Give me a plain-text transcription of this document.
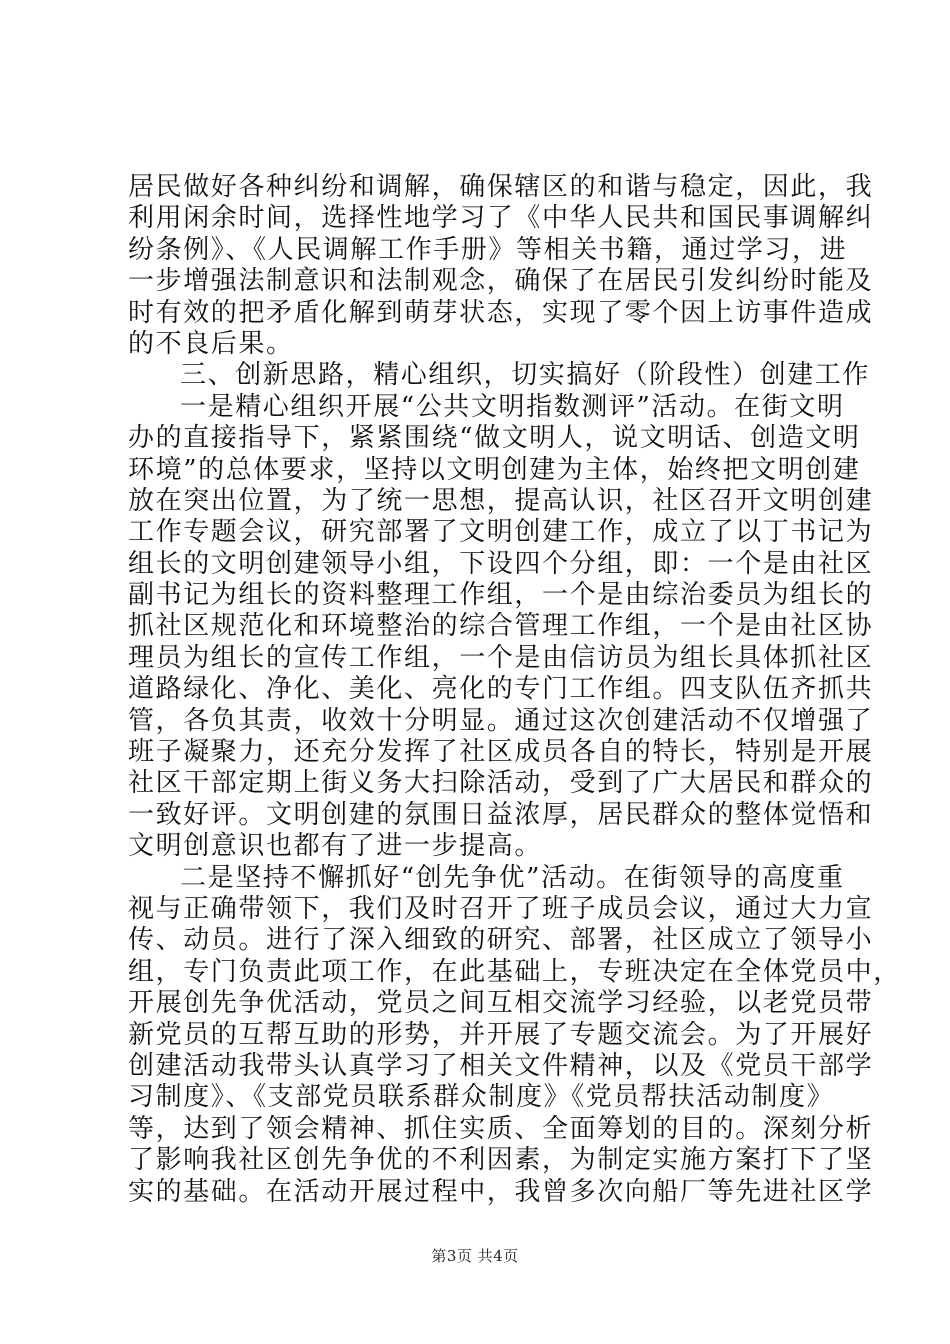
居民做好各种纠纷和调解，确保辖区的和谐与稳定，因此，我
利用闲余时间，选择性地学习了《中华人民共和国民事调解纠
纷条例》、《人民调解工作手册》等相关书籍，通过学习，进
一步增强法制意识和法制观念，确保了在居民引发纠纷时能及
时有效的把矛盾化解到萌芽状态，实现了零个因上访事件造成
的不良后果。
三、创新思路，精心组织，切实搞好（阶段性）创建工作
一是精心组织开展“公共文明指数测评”活动。在街文明
办的直接指导下，紧紧围绕“做文明人，说文明话、创造文明
环境”的总体要求，坚持以文明创建为主体，始终把文明创建
放在突出位置，为了统一思想，提高认识，社区召开文明创建
工作专题会议，研究部署了文明创建工作，成立了以丁书记为
组长的文明创建领导小组，下设四个分组，即：一个是由社区
副书记为组长的资料整理工作组，一个是由综治委员为组长的
抓社区规范化和环境整治的综合管理工作组，一个是由社区协
理员为组长的宣传工作组，一个是由信访员为组长具体抓社区
道路绿化、净化、美化、亮化的专门工作组。四支队伍齐抓共
管，各负其责，收效十分明显。通过这次创建活动不仅增强了
班子凝聚力，还充分发挥了社区成员各自的特长，特别是开展
社区干部定期上街义务大扫除活动，受到了广大居民和群众的
一致好评。文明创建的氛围日益浓厚，居民群众的整体觉悟和
文明创意识也都有了进一步提高。
二是坚持不懈抓好“创先争优”活动。在街领导的高度重
视与正确带领下，我们及时召开了班子成员会议，通过大力宣
传、动员。进行了深入细致的研究、部署，社区成立了领导小
组，专门负责此项工作，在此基础上，专班决定在全体党员中，
开展创先争优活动，党员之间互相交流学习经验，以老党员带
新党员的互帮互助的形势，并开展了专题交流会。为了开展好
创建活动我带头认真学习了相关文件精神，以及《党员干部学
习制度》、《支部党员联系群众制度》《党员帮扶活动制度》
等，达到了领会精神、抓住实质、全面筹划的目的。深刻分析
了影响我社区创先争优的不利因素，为制定实施方案打下了坚
实的基础。在活动开展过程中，我曾多次向船厂等先进社区学
第3页 共4页
